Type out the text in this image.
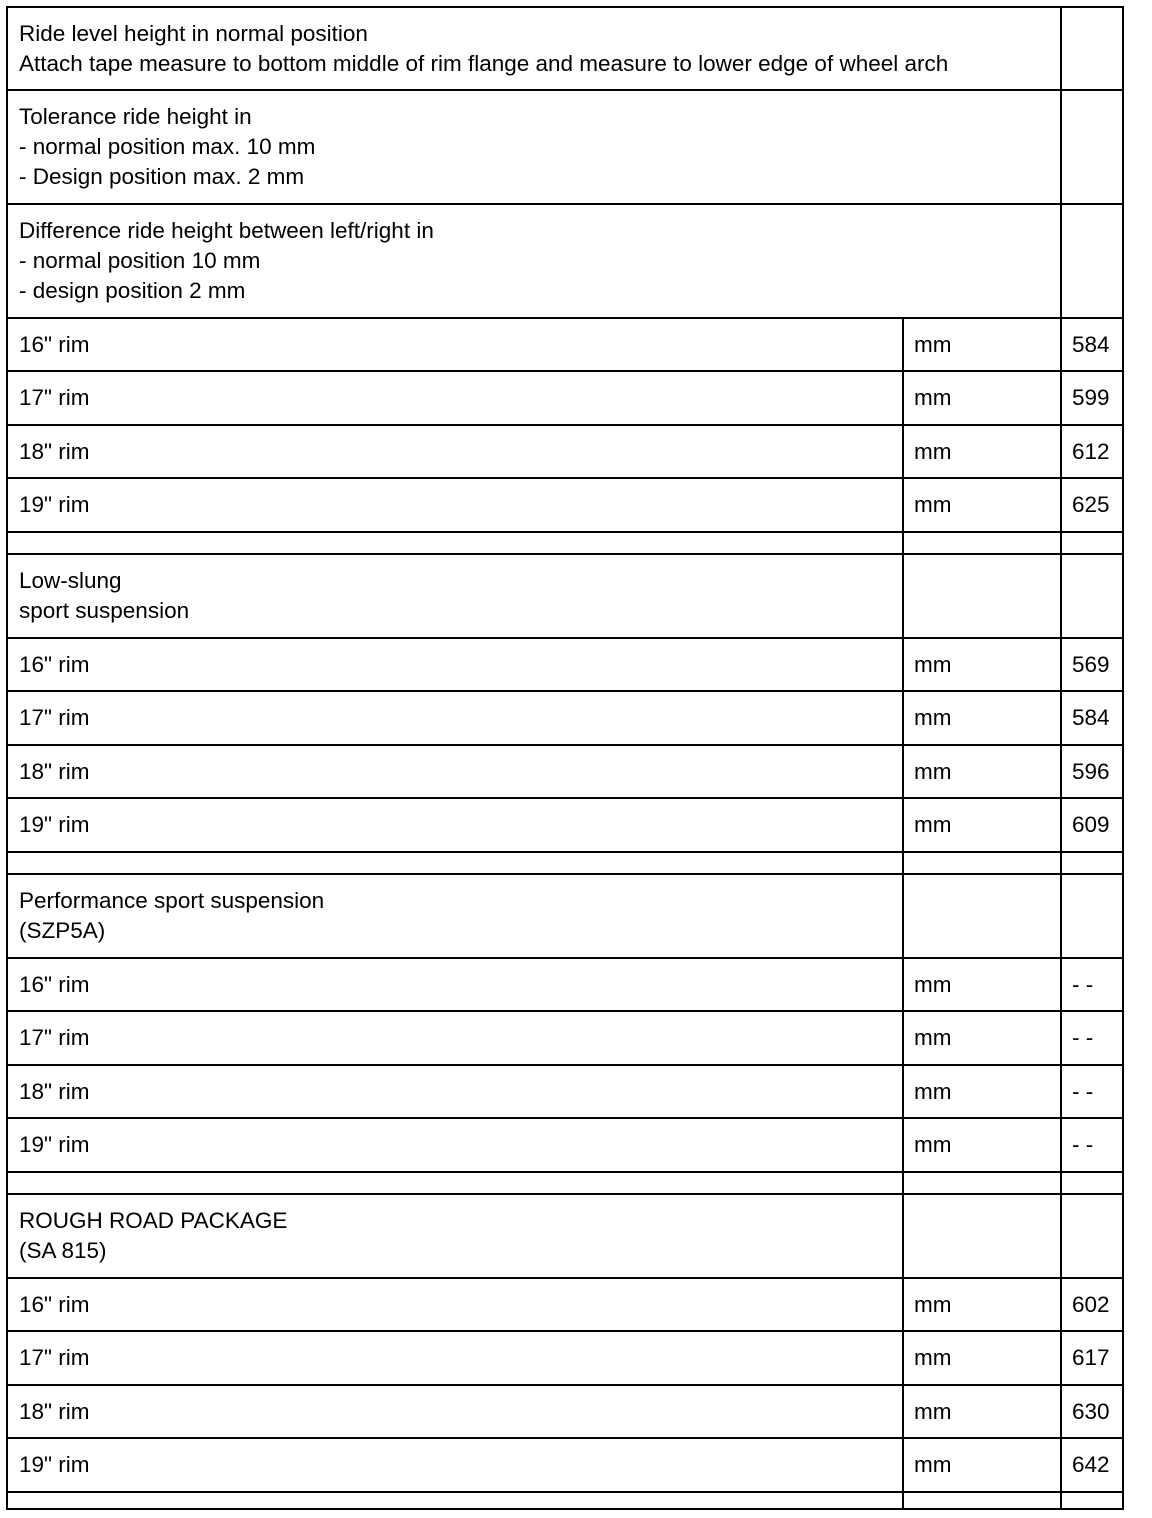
Ride level height in normal position
Attach tape measure to bottom middle of rim flange and measure to lower edge of wheel arch
Tolerance ride height in
- normal position max. 10 mm
- Design position max. 2 mm
Difference ride height between left/right in
- normal position 10 mm
- design position 2 mm
16" rim	mm	584
17" rim	mm	599
18" rim	mm	612
19" rim	mm	625
Low-slung
sport suspension
16" rim	mm	569
17" rim	mm	584
18" rim	mm	596
19" rim	mm	609
Performance sport suspension
(SZP5A)
16" rim	mm	- -
17" rim	mm	- -
18" rim	mm	- -
19" rim	mm	- -
ROUGH ROAD PACKAGE
(SA 815)
16" rim	mm	602
17" rim	mm	617
18" rim	mm	630
19" rim	mm	642
